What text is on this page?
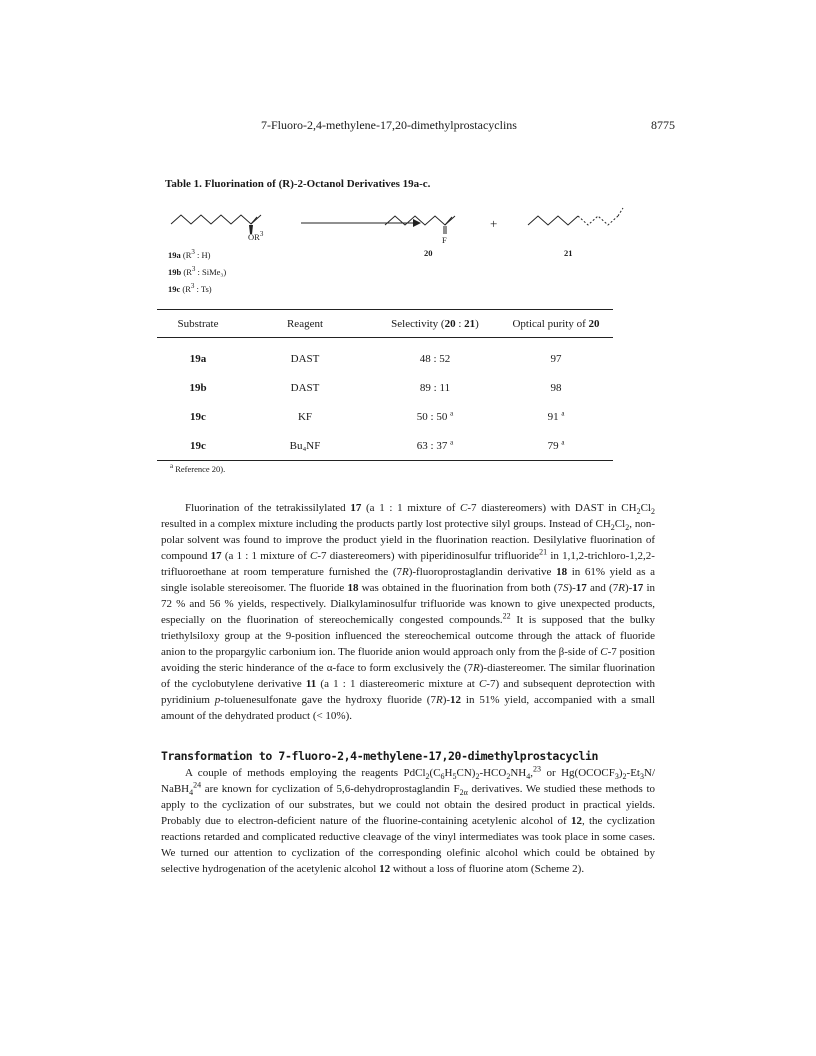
7-Fluoro-2,4-methylene-17,20-dimethylprostacyclins	8775
Table 1. Fluorination of (R)-2-Octanol Derivatives 19a-c.
OR$^3$
F
+
20	21
19a (R$^3$ : H)
19b (R$^3$ : SiMe₃)
19c (R$^3$ : Ts)
Substrate	Reagent	Selectivity (20 : 21)	Optical purity of 20
19a	DAST	48 : 52	97
19b	DAST	89 : 11	98
19c	KF	50 : 50 $^a$	91 $^a$
19c	Bu₄NF	63 : 37 $^a$	79 $^a$
$^a$ Reference 20).

Fluorination of the tetrakissilylated 17 (a 1 : 1 mixture of C-7 diastereomers) with DAST in $CH_2Cl_2$ resulted in a complex mixture including the products partly lost protective silyl groups. Instead of $CH_2Cl_2$, non-polar solvent was found to improve the product yield in the fluorination reaction. Desilylative fluorination of compound 17 (a 1 : 1 mixture of C-7 diastereomers) with piperidinosulfur trifluoride$^{21}$ in 1,1,2-trichloro-1,2,2-trifluoroethane at room temperature furnished the (7R)-fluoroprostaglandin derivative 18 in 61% yield as a single isolable stereoisomer. The fluoride 18 was obtained in the fluorination from both (7S)-17 and (7R)-17 in 72 % and 56 % yields, respectively. Dialkylaminosulfur trifluoride was known to give unexpected products, especially on the fluorination of stereochemically congested compounds.$^{22}$ It is supposed that the bulky triethylsiloxy group at the 9-position influenced the stereochemical outcome through the attack of fluoride anion to the propargylic carbonium ion. The fluoride anion would approach only from the β-side of C-7 position avoiding the steric hinderance of the α-face to form exclusively the (7R)-diastereomer. The similar fluorination of the cyclobutylene derivative 11 (a 1 : 1 diastereomeric mixture at C-7) and subsequent deprotection with pyridinium p-toluenesulfonate gave the hydroxy fluoride (7R)-12 in 51% yield, accompanied with a small amount of the dehydrated product (< 10%).

Transformation to 7-fluoro-2,4-methylene-17,20-dimethylprostacyclin

A couple of methods employing the reagents $PdCl_2(C_6H_5CN)_2-HCO_2NH_4,^{23}$ or $Hg(OCOCF_3)_2-Et_3N/$ NaBH$_4^{24}$ are known for cyclization of 5,6-dehydroprostaglandin $F_{2\alpha}$ derivatives. We studied these methods to apply to the cyclization of our substrates, but we could not obtain the desired product in practical yields. Probably due to electron-deficient nature of the fluorine-containing acetylenic alcohol of 12, the cyclization reactions retarded and complicated reductive cleavage of the vinyl intermediates was took place in some cases. We turned our attention to cyclization of the corresponding olefinic alcohol which could be obtained by selective hydrogenation of the acetylenic alcohol 12 without a loss of fluorine atom (Scheme 2).
